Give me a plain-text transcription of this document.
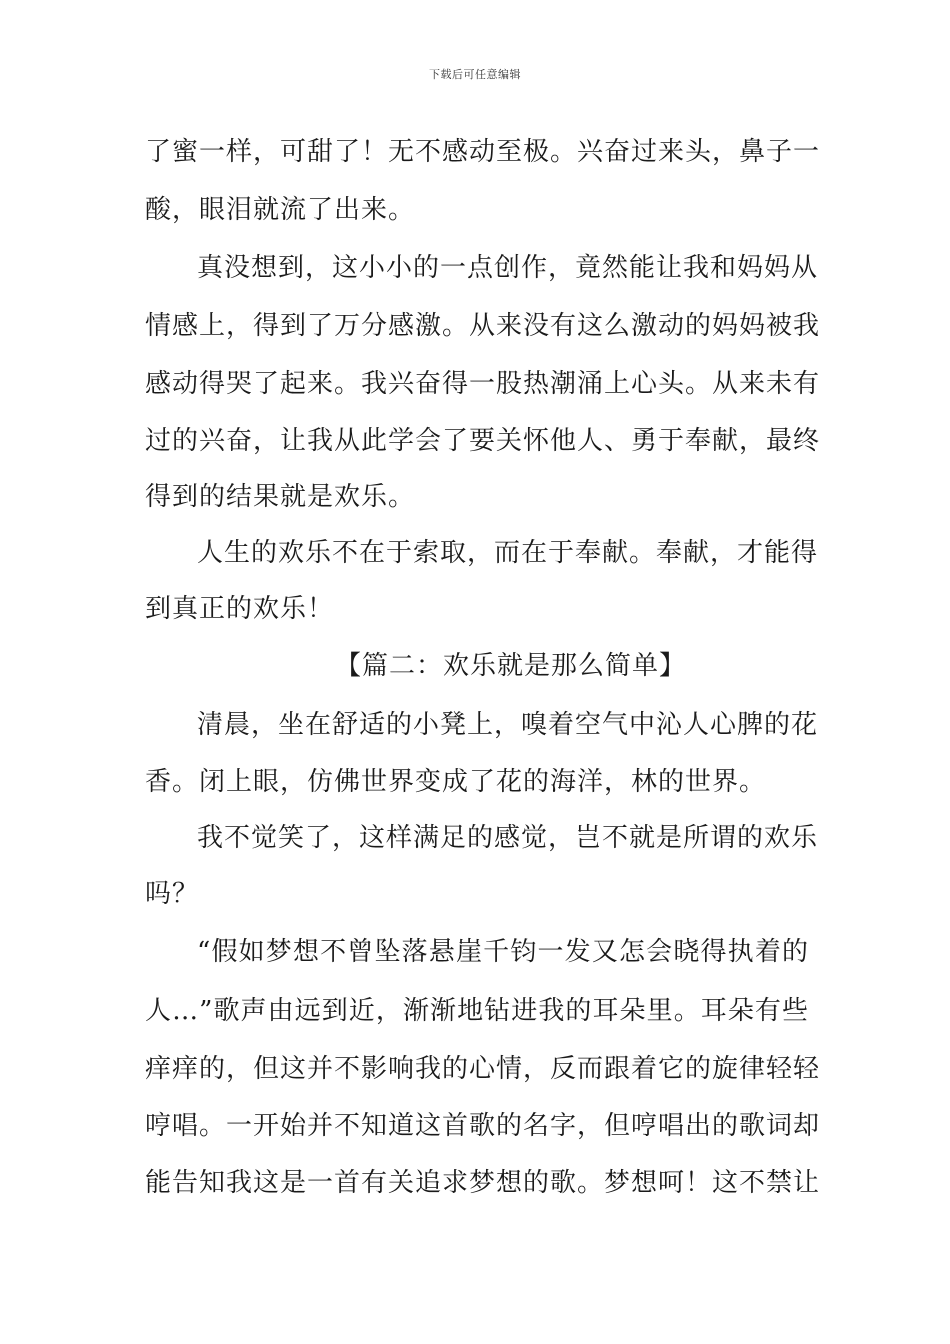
下载后可任意编辑
了蜜一样，可甜了！无不感动至极。兴奋过来头，鼻子一
酸，眼泪就流了出来。
真没想到，这小小的一点创作，竟然能让我和妈妈从
情感上，得到了万分感激。从来没有这么激动的妈妈被我
感动得哭了起来。我兴奋得一股热潮涌上心头。从来未有
过的兴奋，让我从此学会了要关怀他人、勇于奉献，最终
得到的结果就是欢乐。
人生的欢乐不在于索取，而在于奉献。奉献，才能得
到真正的欢乐！
【篇二：欢乐就是那么简单】
清晨，坐在舒适的小凳上，嗅着空气中沁人心脾的花
香。闭上眼，仿佛世界变成了花的海洋，林的世界。
我不觉笑了，这样满足的感觉，岂不就是所谓的欢乐
吗？
“假如梦想不曾坠落悬崖千钧一发又怎会晓得执着的
人…”歌声由远到近，渐渐地钻进我的耳朵里。耳朵有些
痒痒的，但这并不影响我的心情，反而跟着它的旋律轻轻
哼唱。一开始并不知道这首歌的名字，但哼唱出的歌词却
能告知我这是一首有关追求梦想的歌。梦想呵！这不禁让
